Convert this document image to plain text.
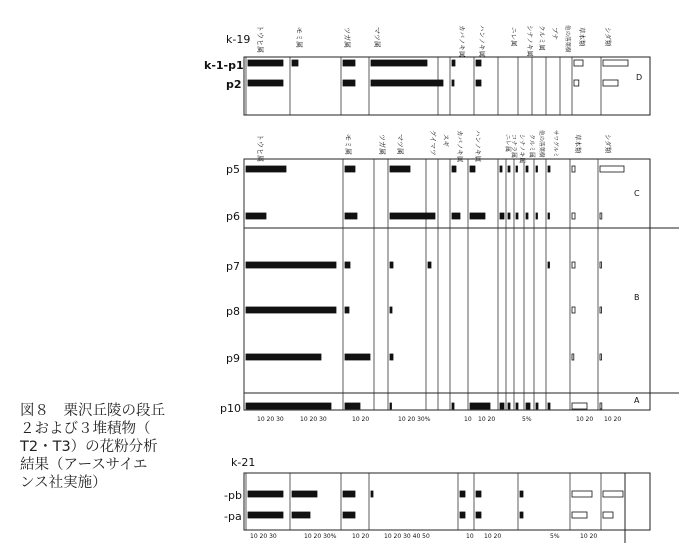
k-19
k-1-p1
p2
D
トウヒ属	モミ属	ツガ属	マツ属	カバノキ属 ハンノキ属	ニレ属 シナノキ属 クルミ属 ブナ 他の落葉樹	草本類	シダ類
p5
p6
p7
p8
p9
p10
C
B
A
トウヒ属	モミ属	ツガ属 マツ属	グイマツ スギ カバノキ属 ハンノキ属	ニレ属 コナラ属 シナノキ属 クルミ属 他の落葉樹	サワグルミ	草本類	シダ類
10 20 30	10 20 30	10 20	10 20 30%	10 10 20	5%	10 20 10 20
k-21
-pb
-pa
10 20 30	10 20 30%	10 20 10 20 30 40 50	10 10 20	5%	10 20
図８　栗沢丘陵の段丘
２および３堆積物（
T2・T3）の花粉分析
結果（アースサイエ
ンス社実施）
